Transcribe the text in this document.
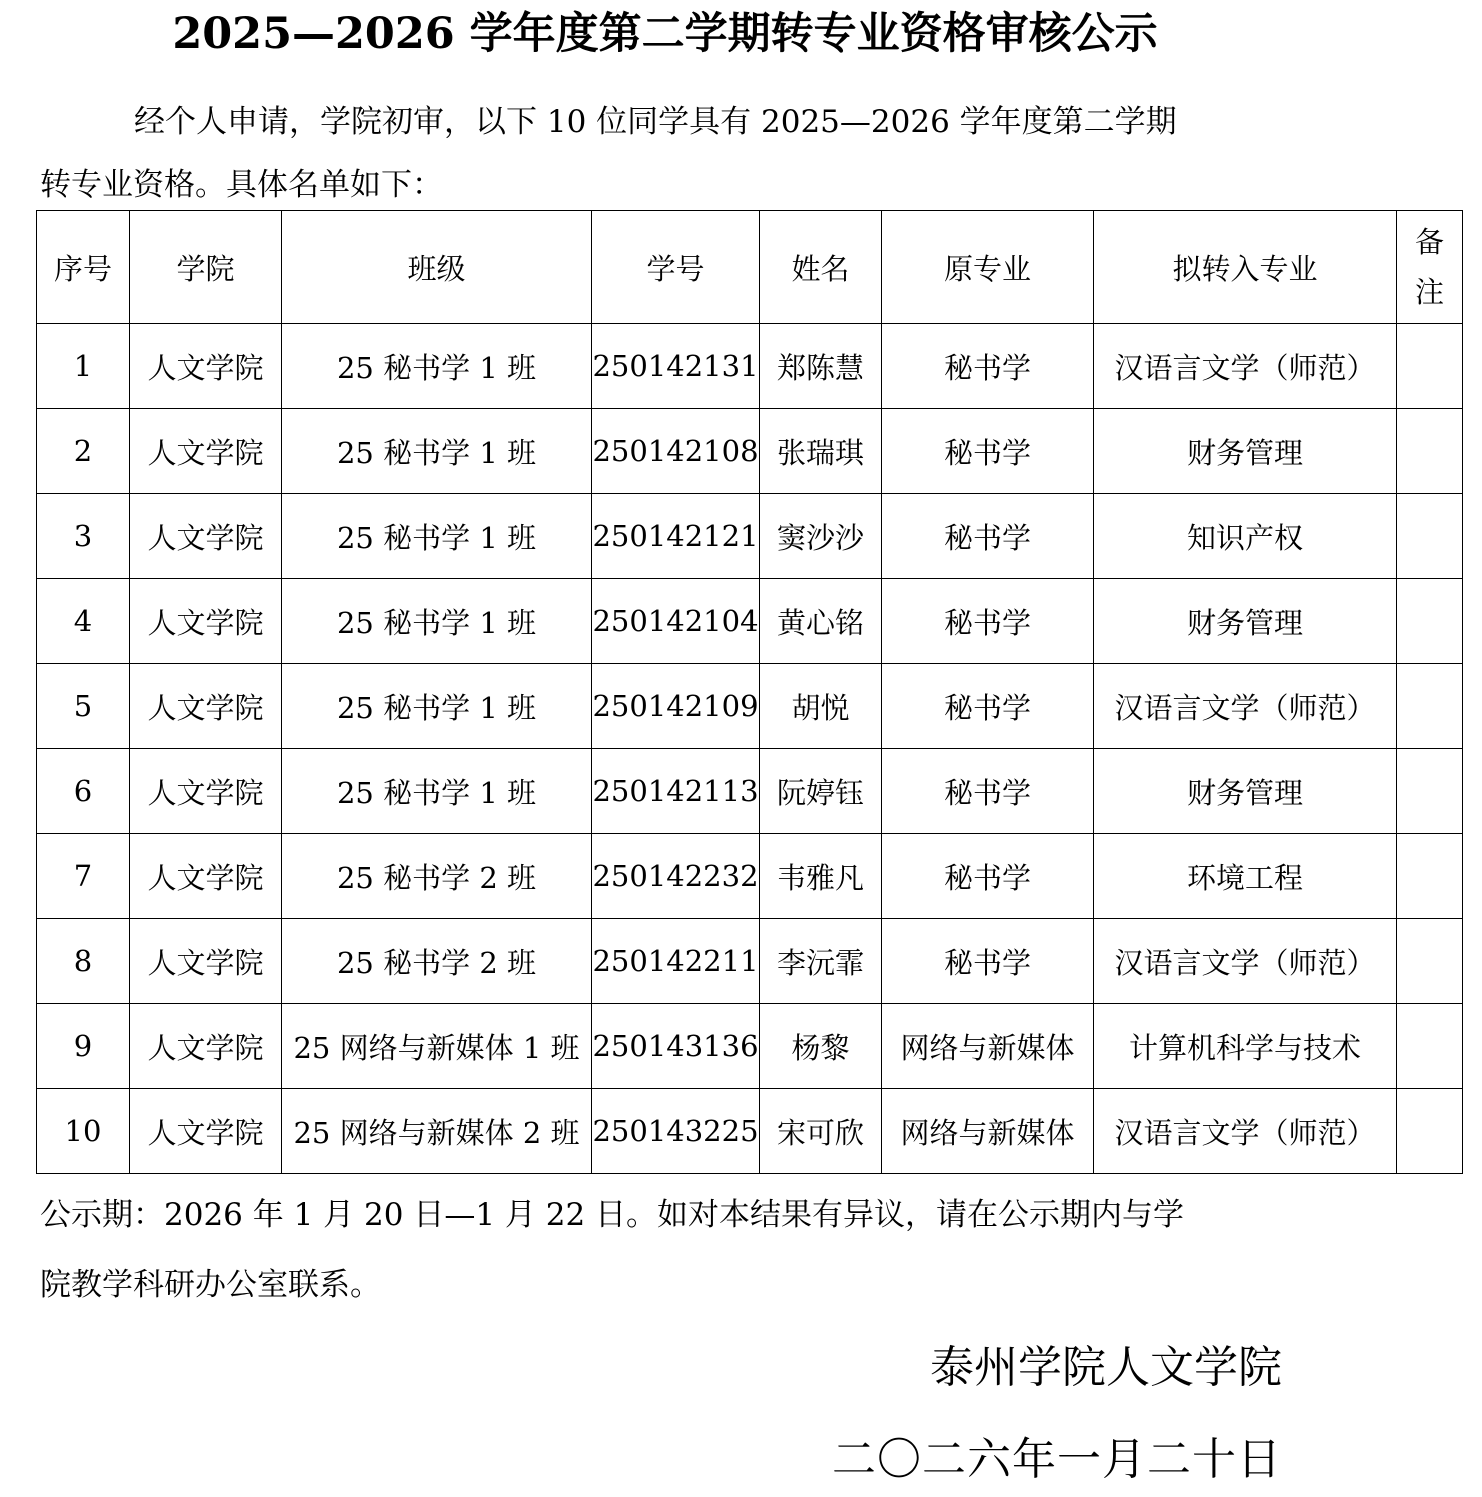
2025—2026 学年度第二学期转专业资格审核公示
经个人申请，学院初审，以下 10 位同学具有 2025—2026 学年度第二学期
转专业资格。具体名单如下：
序号	学院	班级	学号	姓名	原专业	拟转入专业	备
注

1	人文学院	25 秘书学 1 班	250142131	郑陈慧	秘书学	汉语言文学（师范）	
2	人文学院	25 秘书学 1 班	250142108	张瑞琪	秘书学	财务管理	
3	人文学院	25 秘书学 1 班	250142121	窦沙沙	秘书学	知识产权	
4	人文学院	25 秘书学 1 班	250142104	黄心铭	秘书学	财务管理	
5	人文学院	25 秘书学 1 班	250142109	胡悦	秘书学	汉语言文学（师范）	
6	人文学院	25 秘书学 1 班	250142113	阮婷钰	秘书学	财务管理	
7	人文学院	25 秘书学 2 班	250142232	韦雅凡	秘书学	环境工程	
8	人文学院	25 秘书学 2 班	250142211	李沅霏	秘书学	汉语言文学（师范）	
9	人文学院	25 网络与新媒体 1 班	250143136	杨黎	网络与新媒体	计算机科学与技术	
10	人文学院	25 网络与新媒体 2 班	250143225	宋可欣	网络与新媒体	汉语言文学（师范）	
公示期：2026 年 1 月 20 日—1 月 22 日。如对本结果有异议，请在公示期内与学
院教学科研办公室联系。
泰州学院人文学院
二〇二六年一月二十日
